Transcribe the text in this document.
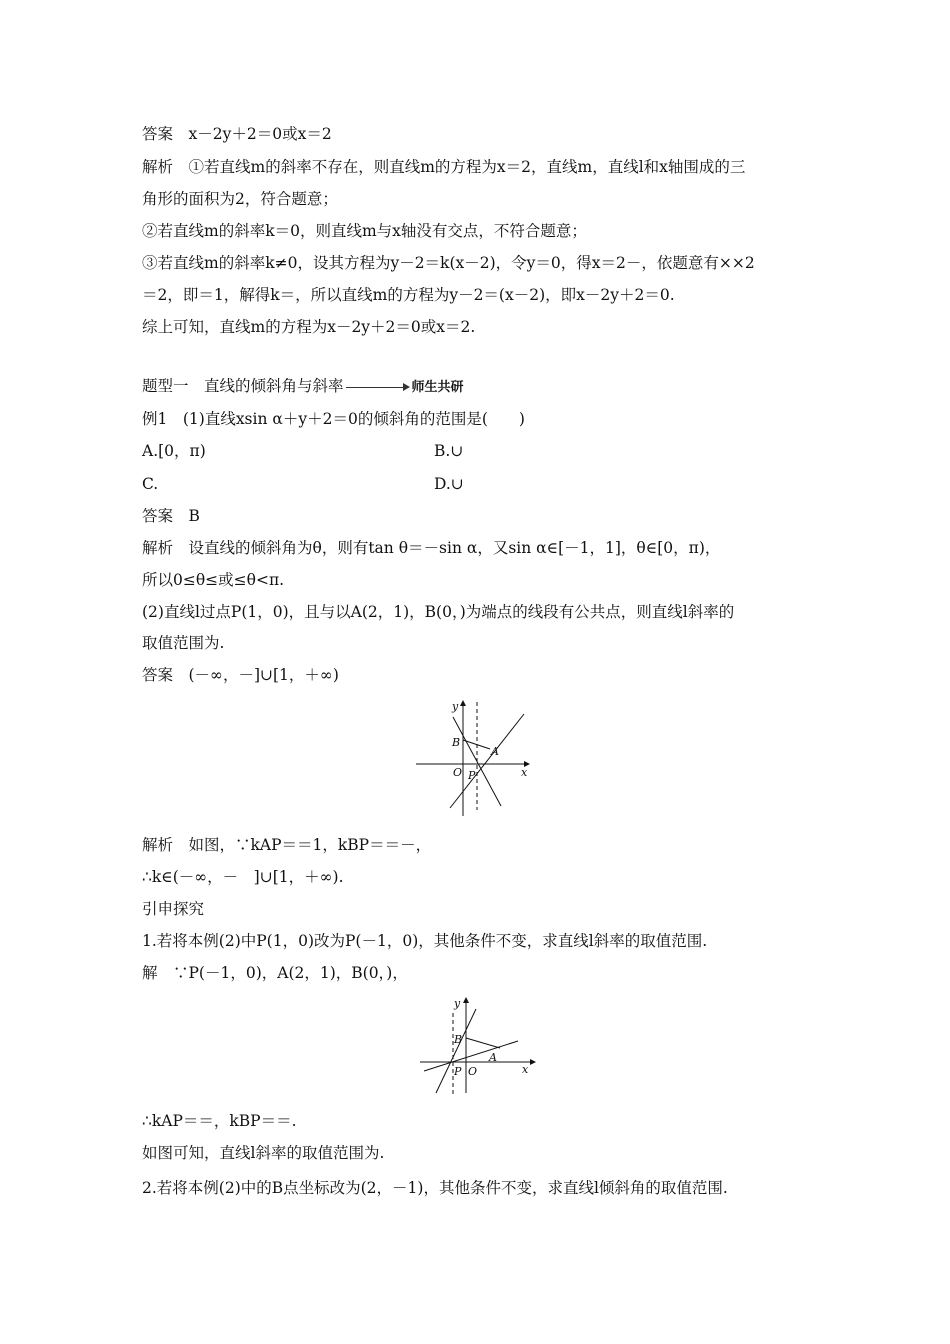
答案　x－2y＋2＝0或x＝2
解析　①若直线m的斜率不存在，则直线m的方程为x＝2，直线m，直线l和x轴围成的三
角形的面积为2，符合题意；
②若直线m的斜率k＝0，则直线m与x轴没有交点，不符合题意；
③若直线m的斜率k≠0，设其方程为y－2＝k(x－2)，令y＝0，得x＝2－，依题意有××2
＝2，即＝1，解得k＝，所以直线m的方程为y－2＝(x－2)，即x－2y＋2＝0.
综上可知，直线m的方程为x－2y＋2＝0或x＝2.
题型一　直线的倾斜角与斜率	师生共研
例1　(1)直线xsin α＋y＋2＝0的倾斜角的范围是(　　)
A.[0，π)	B.∪
C.	D.∪
答案　B
解析　设直线的倾斜角为θ，则有tan θ＝－sin α，又sin α∈[－1，1]，θ∈[0，π)，
所以0≤θ≤或≤θ<π.
(2)直线l过点P(1，0)，且与以A(2，1)，B(0，)为端点的线段有公共点，则直线l斜率的
取值范围为.
答案　(－∞，－]∪[1，＋∞)
y
x
O P
A
B
解析　如图，∵kAP＝＝1，kBP＝＝－，
∴k∈(－∞，－　]∪[1，＋∞).
引申探究
1.若将本例(2)中P(1，0)改为P(－1，0)，其他条件不变，求直线l斜率的取值范围.
解　∵P(－1，0)，A(2，1)，B(0，)，
y
x
O
P
A
B
∴kAP＝＝，kBP＝＝.
如图可知，直线l斜率的取值范围为.
2.若将本例(2)中的B点坐标改为(2，－1)，其他条件不变，求直线l倾斜角的取值范围.
